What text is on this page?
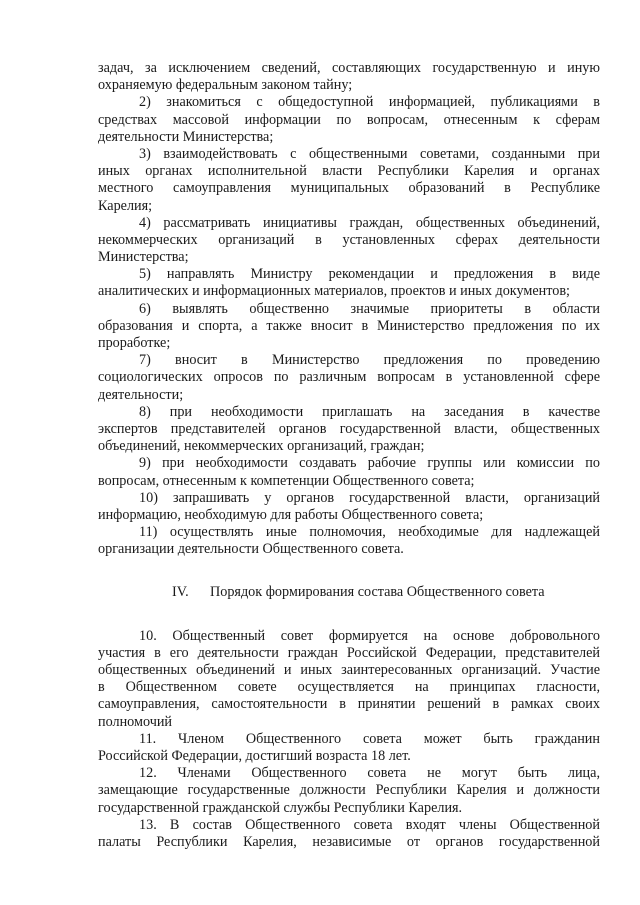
задач, за исключением сведений, составляющих государственную и иную
охраняемую федеральным законом тайну;
2) знакомиться с общедоступной информацией, публикациями в
средствах массовой информации по вопросам, отнесенным к сферам
деятельности Министерства;
3) взаимодействовать с общественными советами, созданными при
иных органах исполнительной власти Республики Карелия и органах
местного самоуправления муниципальных образований в Республике
Карелия;
4) рассматривать инициативы граждан, общественных объединений,
некоммерческих организаций в установленных сферах деятельности
Министерства;
5) направлять Министру рекомендации и предложения в виде
аналитических и информационных материалов, проектов и иных документов;
6) выявлять общественно значимые приоритеты в области
образования и спорта, а также вносит в Министерство предложения по их
проработке;
7) вносит в Министерство предложения по проведению
социологических опросов по различным вопросам в установленной сфере
деятельности;
8) при необходимости приглашать на заседания в качестве
экспертов представителей органов государственной власти, общественных
объединений, некоммерческих организаций, граждан;
9) при необходимости создавать рабочие группы или комиссии по
вопросам, отнесенным к компетенции Общественного совета;
10) запрашивать у органов государственной власти, организаций
информацию, необходимую для работы Общественного совета;
11) осуществлять иные полномочия, необходимые для надлежащей
организации деятельности Общественного совета.
IV. Порядок формирования состава Общественного совета
10. Общественный совет формируется на основе добровольного
участия в его деятельности граждан Российской Федерации, представителей
общественных объединений и иных заинтересованных организаций. Участие
в Общественном совете осуществляется на принципах гласности,
самоуправления, самостоятельности в принятии решений в рамках своих
полномочий
11. Членом Общественного совета может быть гражданин
Российской Федерации, достигший возраста 18 лет.
12. Членами Общественного совета не могут быть лица,
замещающие государственные должности Республики Карелия и должности
государственной гражданской службы Республики Карелия.
13. В состав Общественного совета входят члены Общественной
палаты Республики Карелия, независимые от органов государственной
